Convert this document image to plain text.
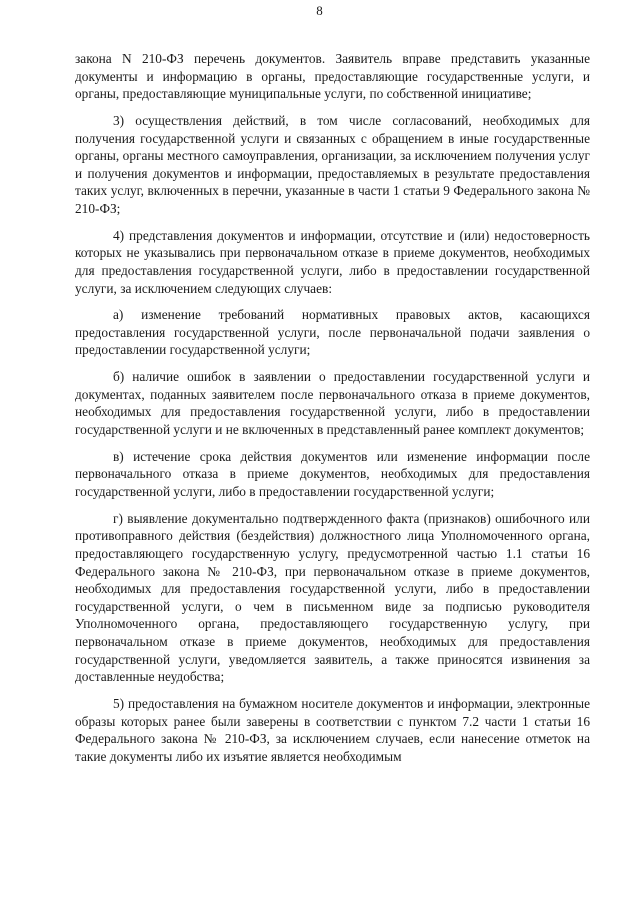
8

закона N 210-ФЗ перечень документов. Заявитель вправе представить указанные документы и информацию в органы, предоставляющие государственные услуги, и органы, предоставляющие муниципальные услуги, по собственной инициативе;

3) осуществления действий, в том числе согласований, необходимых для получения государственной услуги и связанных с обращением в иные государственные органы, органы местного самоуправления, организации, за исключением получения услуг и получения документов и информации, предоставляемых в результате предоставления таких услуг, включенных в перечни, указанные в части 1 статьи 9 Федерального закона № 210-ФЗ;

4) представления документов и информации, отсутствие и (или) недостоверность которых не указывались при первоначальном отказе в приеме документов, необходимых для предоставления государственной услуги, либо в предоставлении государственной услуги, за исключением следующих случаев:

а) изменение требований нормативных правовых актов, касающихся предоставления государственной услуги, после первоначальной подачи заявления о предоставлении государственной услуги;

б) наличие ошибок в заявлении о предоставлении государственной услуги и документах, поданных заявителем после первоначального отказа в приеме документов, необходимых для предоставления государственной услуги, либо в предоставлении государственной услуги и не включенных в представленный ранее комплект документов;

в) истечение срока действия документов или изменение информации после первоначального отказа в приеме документов, необходимых для предоставления государственной услуги, либо в предоставлении государственной услуги;

г) выявление документально подтвержденного факта (признаков) ошибочного или противоправного действия (бездействия) должностного лица Уполномоченного органа, предоставляющего государственную услугу, предусмотренной частью 1.1 статьи 16 Федерального закона № 210-ФЗ, при первоначальном отказе в приеме документов, необходимых для предоставления государственной услуги, либо в предоставлении государственной услуги, о чем в письменном виде за подписью руководителя Уполномоченного органа, предоставляющего государственную услугу, при первоначальном отказе в приеме документов, необходимых для предоставления государственной услуги, уведомляется заявитель, а также приносятся извинения за доставленные неудобства;

5) предоставления на бумажном носителе документов и информации, электронные образы которых ранее были заверены в соответствии с пунктом 7.2 части 1 статьи 16 Федерального закона № 210-ФЗ, за исключением случаев, если нанесение отметок на такие документы либо их изъятие является необходимым
